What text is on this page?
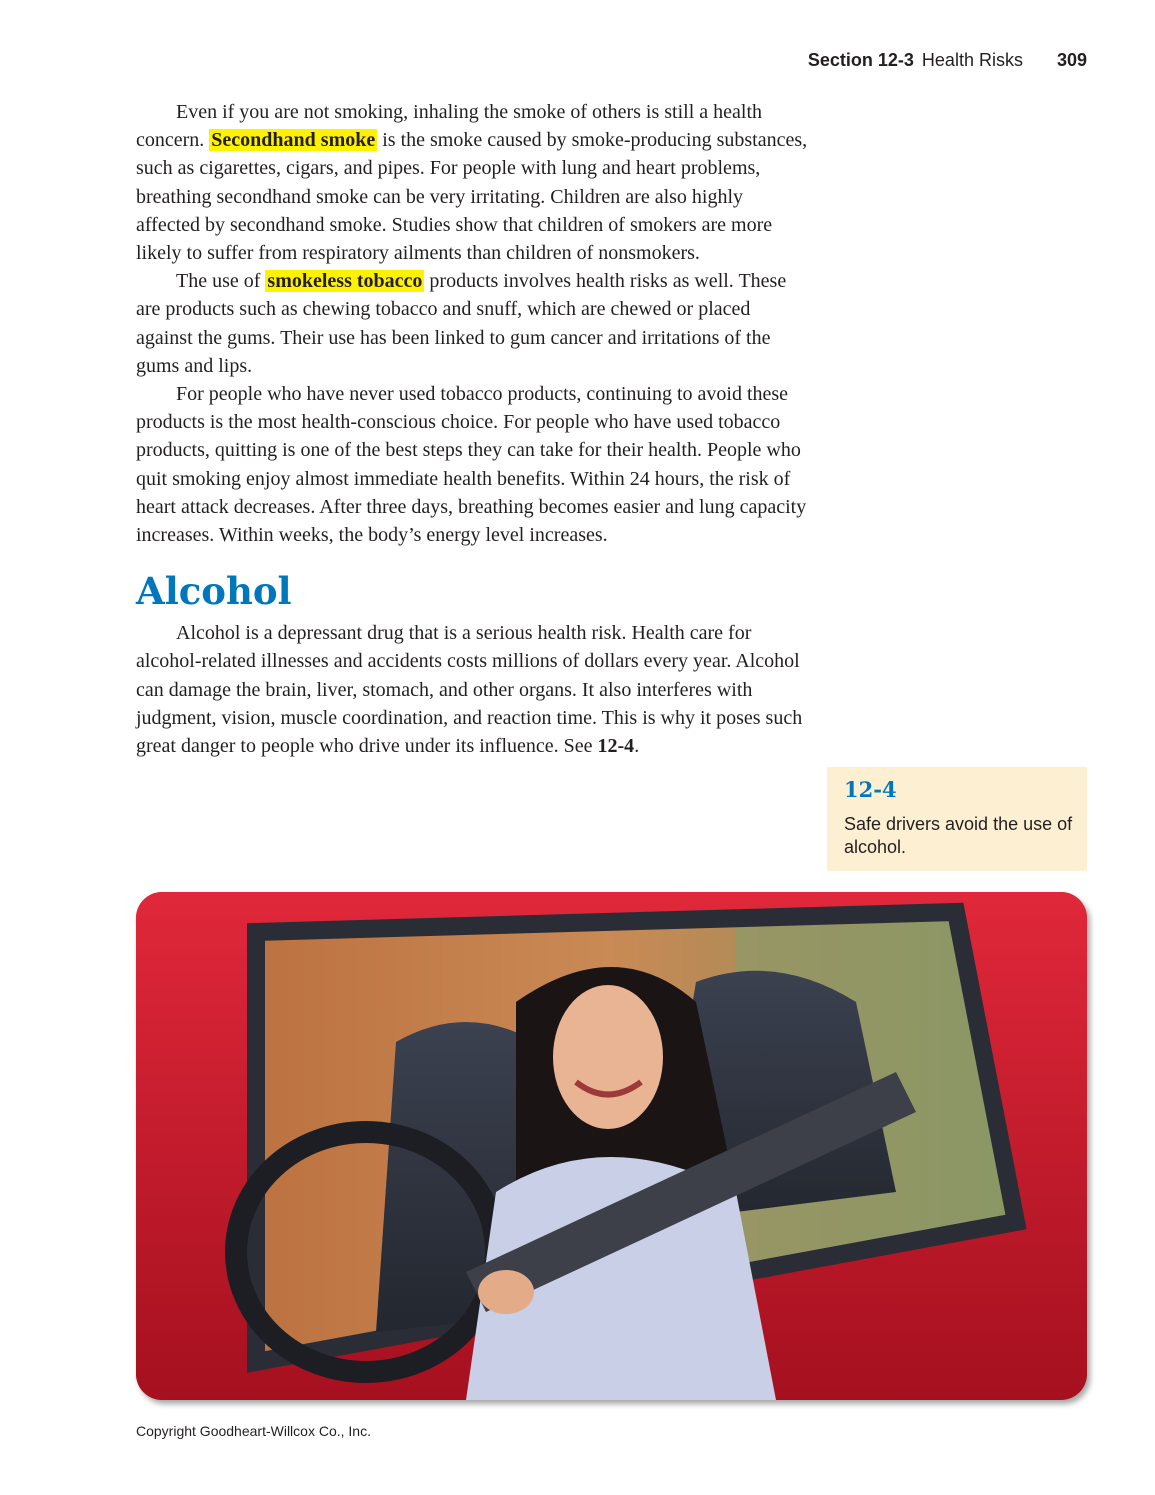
Section 12-3 Health Risks 309

Even if you are not smoking, inhaling the smoke of others is still a health concern. Secondhand smoke is the smoke caused by smoke-producing substances, such as cigarettes, cigars, and pipes. For people with lung and heart problems, breathing secondhand smoke can be very irritating. Children are also highly affected by secondhand smoke. Studies show that children of smokers are more likely to suffer from respiratory ailments than children of nonsmokers.

The use of smokeless tobacco products involves health risks as well. These are products such as chewing tobacco and snuff, which are chewed or placed against the gums. Their use has been linked to gum cancer and irritations of the gums and lips.

For people who have never used tobacco products, continuing to avoid these products is the most health-conscious choice. For people who have used tobacco products, quitting is one of the best steps they can take for their health. People who quit smoking enjoy almost immediate health benefits. Within 24 hours, the risk of heart attack decreases. After three days, breathing becomes easier and lung capacity increases. Within weeks, the body’s energy level increases.

Alcohol

Alcohol is a depressant drug that is a serious health risk. Health care for alcohol-related illnesses and accidents costs millions of dollars every year. Alcohol can damage the brain, liver, stomach, and other organs. It also interferes with judgment, vision, muscle coordination, and reaction time. This is why it poses such great danger to people who drive under its influence. See 12-4.

12-4
Safe drivers avoid the use of alcohol.
Copyright Goodheart-Willcox Co., Inc.
